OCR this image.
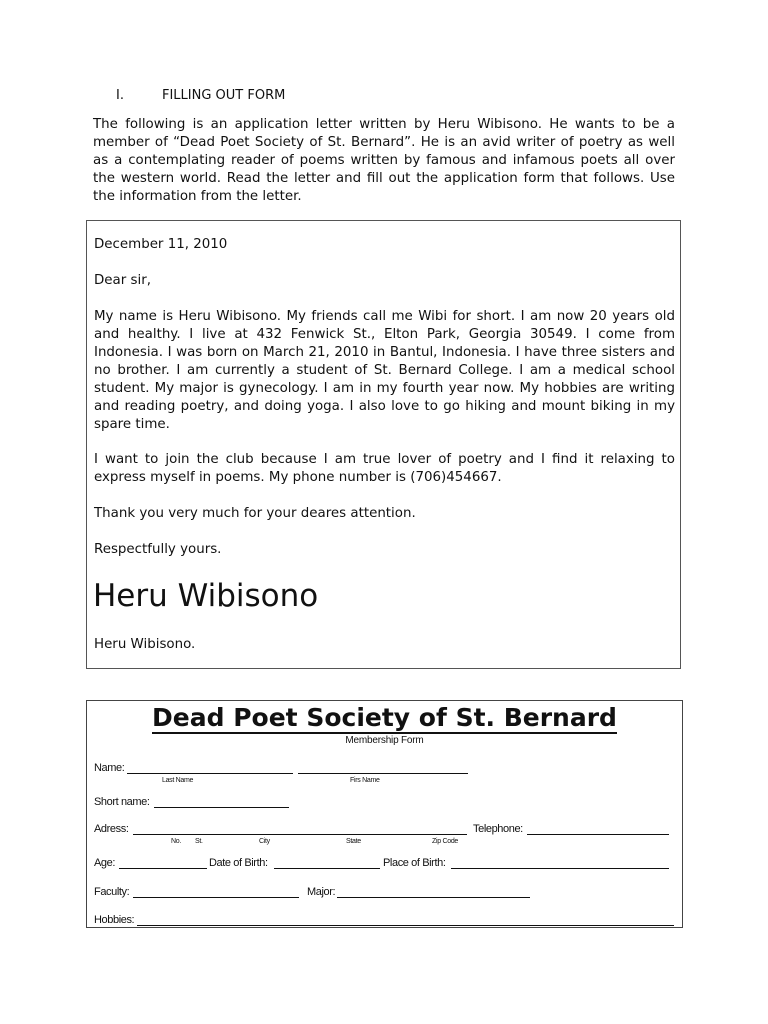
I.	FILLING OUT FORM

The following is an application letter written by Heru Wibisono. He wants to be a member of “Dead Poet Society of St. Bernard”. He is an avid writer of poetry as well as a contemplating reader of poems written by famous and infamous poets all over the western world. Read the letter and fill out the application form that follows. Use the information from the letter.

December 11, 2010

Dear sir,

My name is Heru Wibisono. My friends call me Wibi for short. I am now 20 years old and healthy. I live at 432 Fenwick St., Elton Park, Georgia 30549. I come from Indonesia. I was born on March 21, 2010 in Bantul, Indonesia. I have three sisters and no brother. I am currently a student of St. Bernard College. I am a medical school student. My major is gynecology. I am in my fourth year now. My hobbies are writing and reading poetry, and doing yoga. I also love to go hiking and mount biking in my spare time.

I want to join the club because I am true lover of poetry and I find it relaxing to express myself in poems. My phone number is (706)454667.

Thank you very much for your deares attention.

Respectfully yours.

Heru Wibisono

Heru Wibisono.

Dead Poet Society of St. Bernard
Membership Form
Name:
Last Name	Firs Name
Short name:
Adress:
No. St.	City	State	Zip Code
Telephone:
Age:	Date of Birth:	Place of Birth:
Faculty:	Major:
Hobbies:
